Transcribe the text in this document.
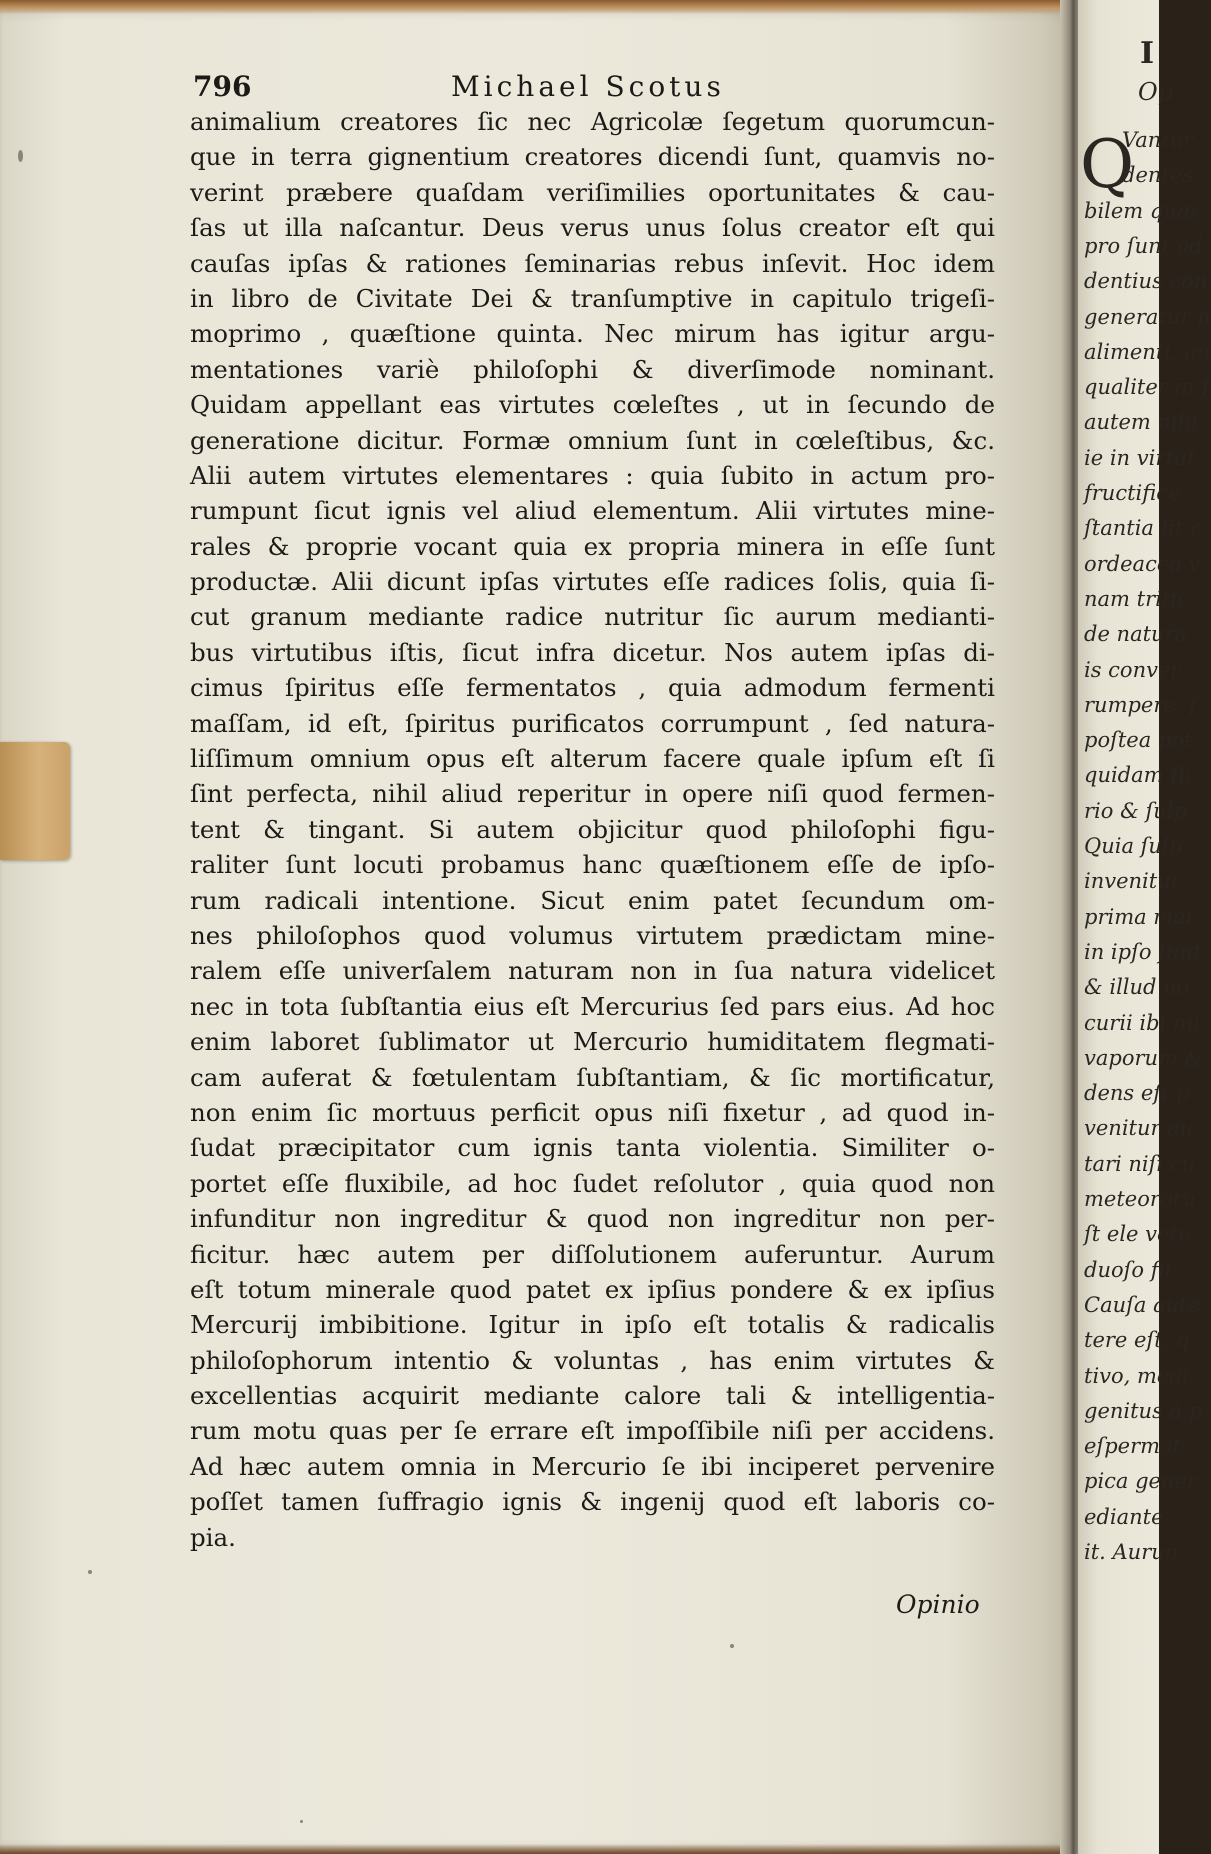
796	Michael Scotus
animalium creatores ſic nec Agricolæ ſegetum quorumcun-
que in terra gignentium creatores dicendi ſunt, quamvis no-
verint præbere quaſdam veriſimilies oportunitates & cau-
ſas ut illa naſcantur. Deus verus unus ſolus creator eſt qui
cauſas ipſas & rationes ſeminarias rebus inſevit. Hoc idem
in libro de Civitate Dei & tranſumptive in capitulo trigeſi-
moprimo , quæſtione quinta. Nec mirum has igitur argu-
mentationes variè philoſophi & diverſimode nominant.
Quidam appellant eas virtutes cœleſtes , ut in ſecundo de
generatione dicitur. Formæ omnium ſunt in cœleſtibus, &c.
Alii autem virtutes elementares : quia ſubito in actum pro-
rumpunt ſicut ignis vel aliud elementum. Alii virtutes mine-
rales & proprie vocant quia ex propria minera in eſſe ſunt
productæ. Alii dicunt ipſas virtutes eſſe radices ſolis, quia ſi-
cut granum mediante radice nutritur ſic aurum medianti-
bus virtutibus iſtis, ſicut infra dicetur. Nos autem ipſas di-
cimus ſpiritus eſſe fermentatos , quia admodum fermenti
maſſam, id eſt, ſpiritus purificatos corrumpunt , ſed natura-
liſſimum omnium opus eſt alterum facere quale ipſum eſt ſi
ſint perfecta, nihil aliud reperitur in opere niſi quod fermen-
tent & tingant. Si autem objicitur quod philoſophi figu-
raliter ſunt locuti probamus hanc quæſtionem eſſe de ipſo-
rum radicali intentione. Sicut enim patet ſecundum om-
nes philoſophos quod volumus virtutem prædictam mine-
ralem eſſe univerſalem naturam non in ſua natura videlicet
nec in tota ſubſtantia eius eſt Mercurius ſed pars eius. Ad hoc
enim laboret ſublimator ut Mercurio humiditatem flegmati-
cam auferat & fœtulentam ſubſtantiam, & ſic mortificatur,
non enim ſic mortuus perficit opus niſi fixetur , ad quod in-
ſudat præcipitator cum ignis tanta violentia. Similiter o-
portet eſſe fluxibile, ad hoc ſudet reſolutor , quia quod non
infunditur non ingreditur & quod non ingreditur non per-
ficitur. hæc autem per diſſolutionem auferuntur. Aurum
eſt totum minerale quod patet ex ipſius pondere & ex ipſius
Mercurij imbibitione. Igitur in ipſo eſt totalis & radicalis
philoſophorum intentio & voluntas , has enim virtutes &
excellentias acquirit mediante calore tali & intelligentia-
rum motu quas per ſe errare eſt impoſſibile niſi per accidens.
Ad hæc autem omnia in Mercurio ſe ibi inciperet pervenire
poſſet tamen ſuffragio ignis & ingenij quod eſt laboris co-
pia.
Opinio
I
Op
Q
Vantur
dentes
bilem quæ
pro ſunt ad
dentius con
generatur n
alimenti, au
qualiter in ſ
autem nihi
ie in virtut
fructifice
ſtantia ſit c
ordeacea v
nam tritic
de natura
is conver
rumpere, ſ
poſtea pot
quidam ſu
rio & ſulp
Quia ſulp
invenitur
prima mat
in ipſo ſunt
& illud no
curii ibi nu
vaporum &
dens eſt p
venitur au
tari niſi cu
meteororu
ſt ele vetu
duoſo fit
Cauſa aute
tere eſt, q
tivo, medi
genitus à p
eſpermat
pica gener
ediante
it. Aurun
